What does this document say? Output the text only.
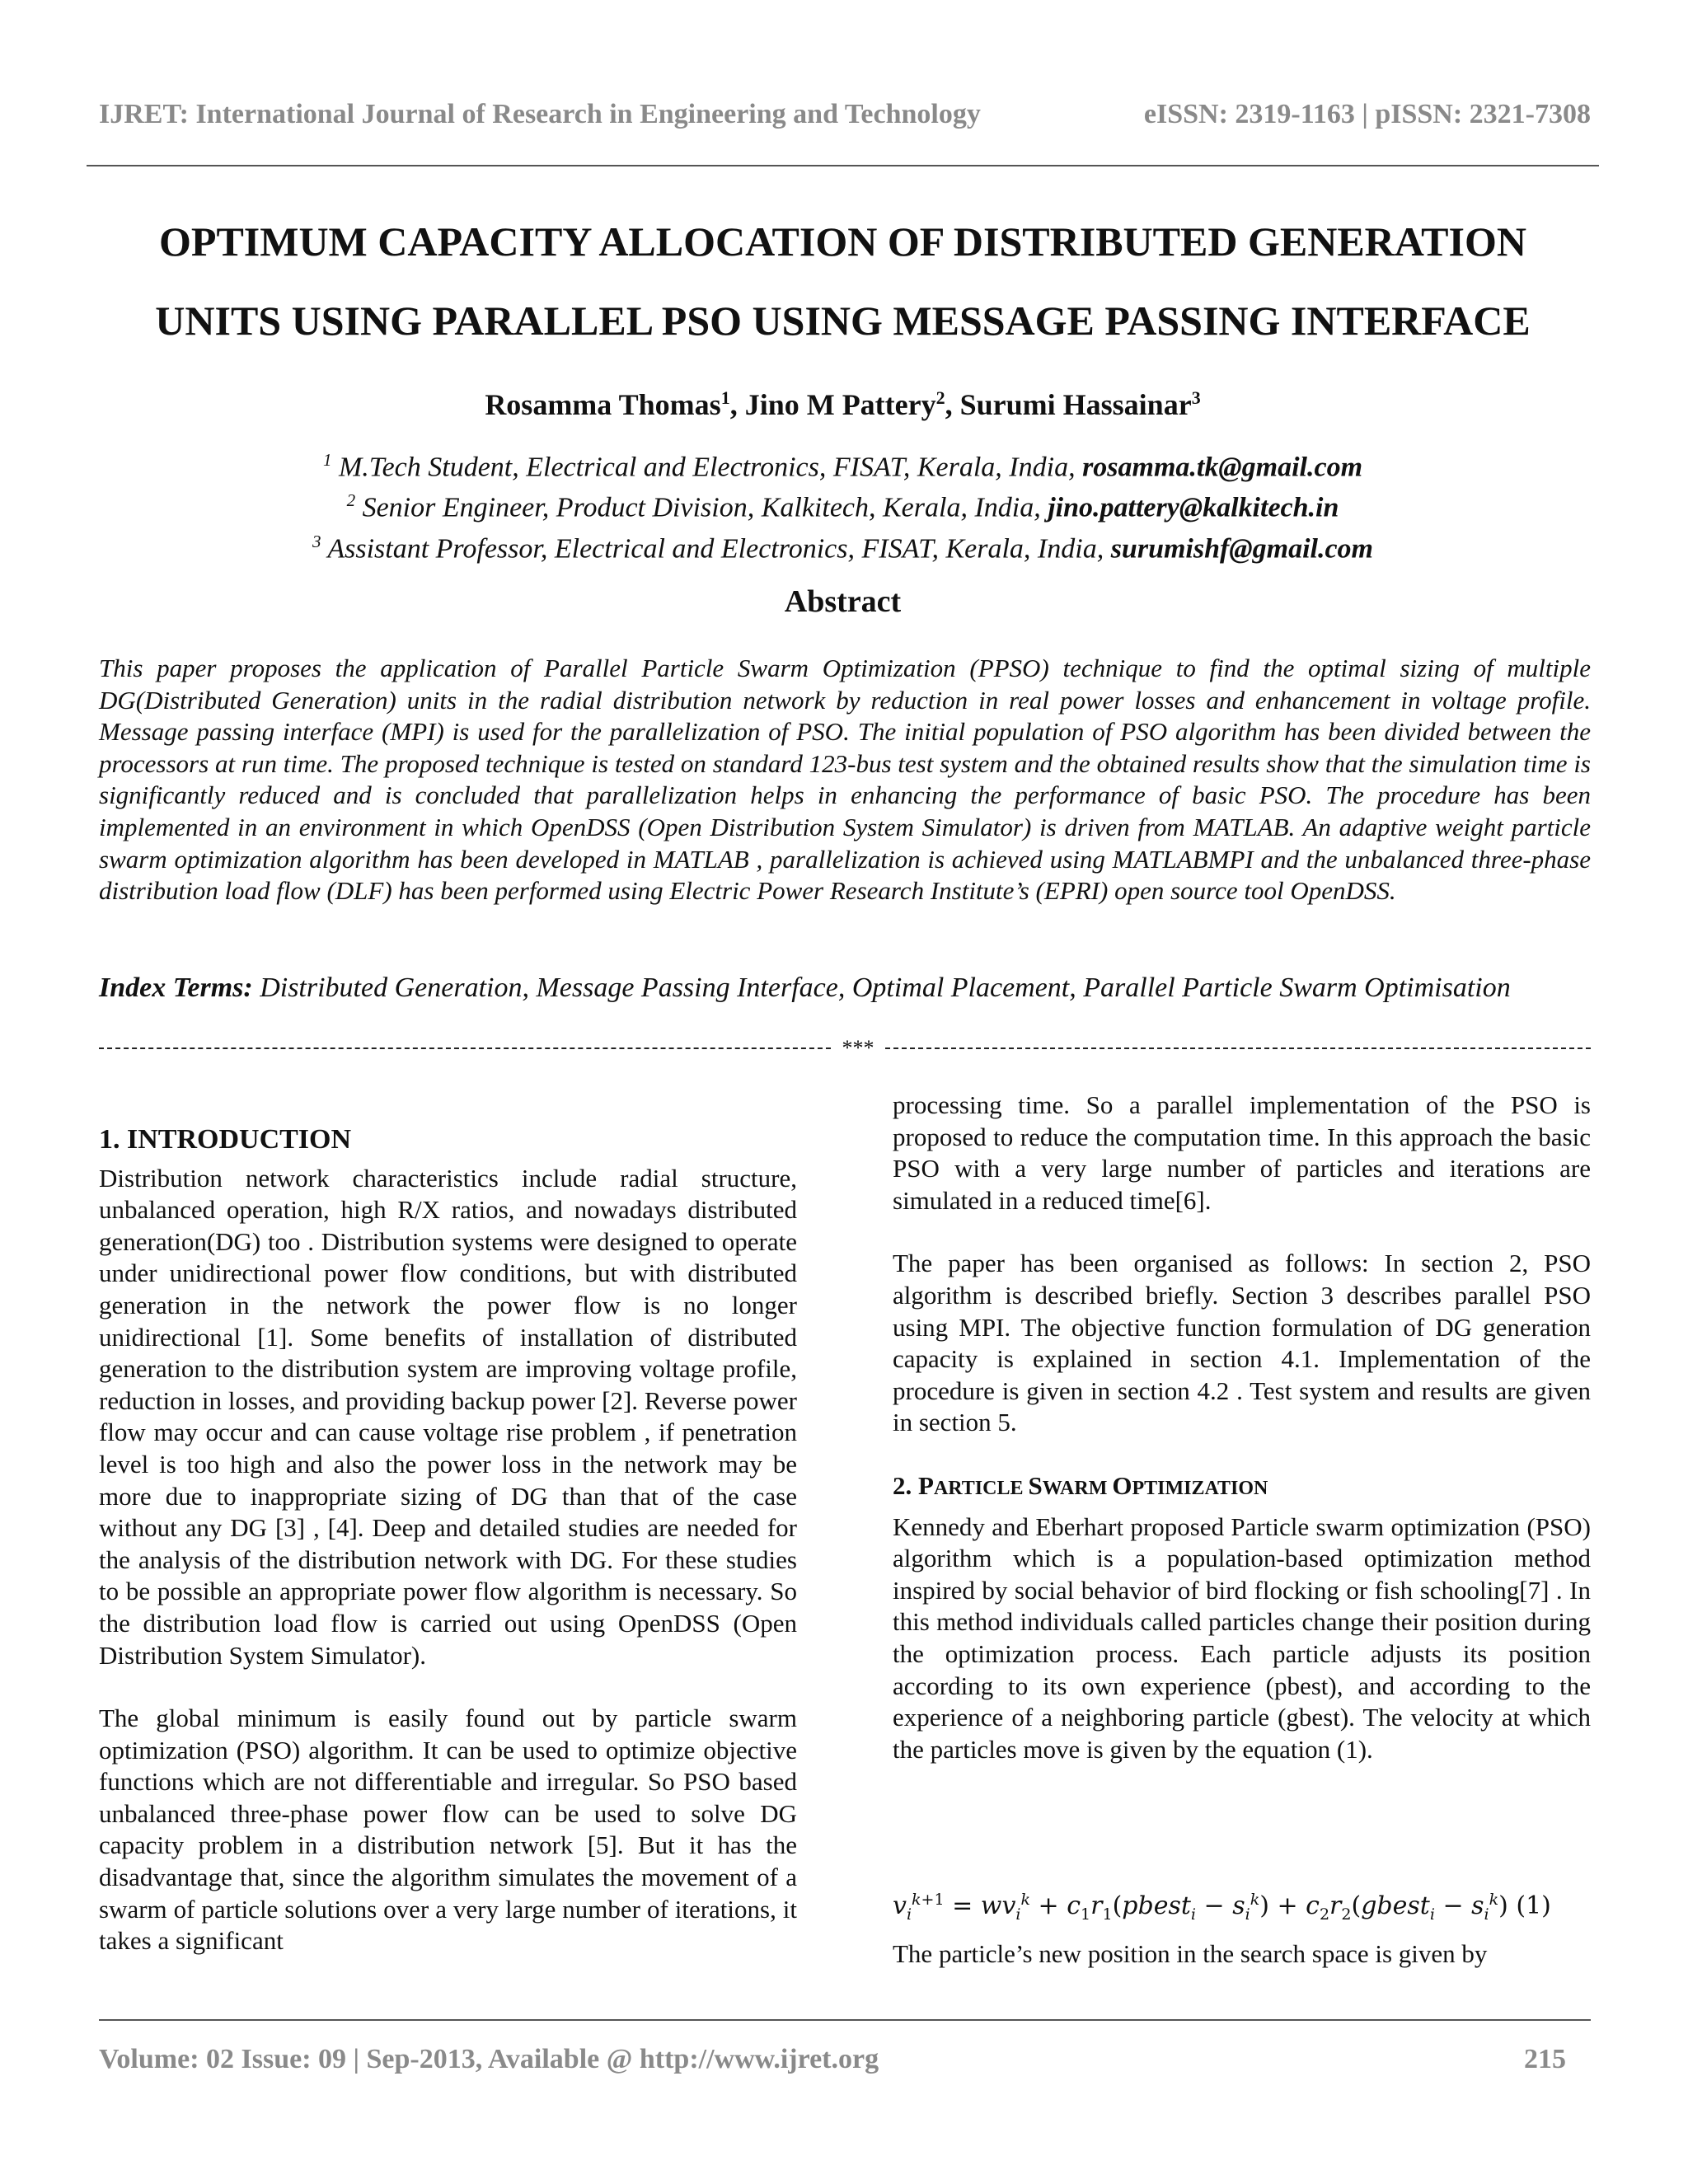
IJRET: International Journal of Research in Engineering and Technology	eISSN: 2319-1163 | pISSN: 2321-7308
OPTIMUM CAPACITY ALLOCATION OF DISTRIBUTED GENERATION
UNITS USING PARALLEL PSO USING MESSAGE PASSING INTERFACE
Rosamma Thomas$^1$, Jino M Pattery$^2$, Surumi Hassainar$^3$
$^1$ M.Tech Student, Electrical and Electronics, FISAT, Kerala, India, rosamma.tk@gmail.com
$^2$ Senior Engineer, Product Division, Kalkitech, Kerala, India, jino.pattery@kalkitech.in
$^3$ Assistant Professor, Electrical and Electronics, FISAT, Kerala, India, surumishf@gmail.com
Abstract

This paper proposes the application of Parallel Particle Swarm Optimization (PPSO) technique to find the optimal sizing of multiple DG(Distributed Generation) units in the radial distribution network by reduction in real power losses and enhancement in voltage profile. Message passing interface (MPI) is used for the parallelization of PSO. The initial population of PSO algorithm has been divided between the processors at run time. The proposed technique is tested on standard 123-bus test system and the obtained results show that the simulation time is significantly reduced and is concluded that parallelization helps in enhancing the performance of basic PSO. The procedure has been implemented in an environment in which OpenDSS (Open Distribution System Simulator) is driven from MATLAB. An adaptive weight particle swarm optimization algorithm has been developed in MATLAB , parallelization is achieved using MATLABMPI and the unbalanced three-phase distribution load flow (DLF) has been performed using Electric Power Research Institute’s (EPRI) open source tool OpenDSS.

Index Terms: Distributed Generation, Message Passing Interface, Optimal Placement, Parallel Particle Swarm Optimisation

***
1. INTRODUCTION

Distribution network characteristics include radial structure, unbalanced operation, high R/X ratios, and nowadays distributed generation(DG) too . Distribution systems were designed to operate under unidirectional power flow conditions, but with distributed generation in the network the power flow is no longer unidirectional [1]. Some benefits of installation of distributed generation to the distribution system are improving voltage profile, reduction in losses, and providing backup power [2]. Reverse power flow may occur and can cause voltage rise problem , if penetration level is too high and also the power loss in the network may be more due to inappropriate sizing of DG than that of the case without any DG [3] , [4]. Deep and detailed studies are needed for the analysis of the distribution network with DG. For these studies to be possible an appropriate power flow algorithm is necessary. So the distribution load flow is carried out using OpenDSS (Open Distribution System Simulator).

The global minimum is easily found out by particle swarm optimization (PSO) algorithm. It can be used to optimize objective functions which are not differentiable and irregular. So PSO based unbalanced three-phase power flow can be used to solve DG capacity problem in a distribution network [5]. But it has the disadvantage that, since the algorithm simulates the movement of a swarm of particle solutions over a very large number of iterations, it takes a significant

processing time. So a parallel implementation of the PSO is proposed to reduce the computation time. In this approach the basic PSO with a very large number of particles and iterations are simulated in a reduced time[6].

The paper has been organised as follows: In section 2, PSO algorithm is described briefly. Section 3 describes parallel PSO using MPI. The objective function formulation of DG generation capacity is explained in section 4.1. Implementation of the procedure is given in section 4.2 . Test system and results are given in section 5.

2. PARTICLE SWARM OPTIMIZATION

Kennedy and Eberhart proposed Particle swarm optimization (PSO) algorithm which is a population-based optimization method inspired by social behavior of bird flocking or fish schooling[7] . In this method individuals called particles change their position during the optimization process. Each particle adjusts its position according to its own experience (pbest), and according to the experience of a neighboring particle (gbest). The velocity at which the particles move is given by the equation (1).

$v_i^{k+1} = wv_i^k$ + $c_1r_1(pbest_i - s_i^k)$ + $c_2r_2(gbest_i - s_i^k)$ (1)

The particle’s new position in the search space is given by

Volume: 02 Issue: 09 | Sep-2013, Available @ http://www.ijret.org	215
